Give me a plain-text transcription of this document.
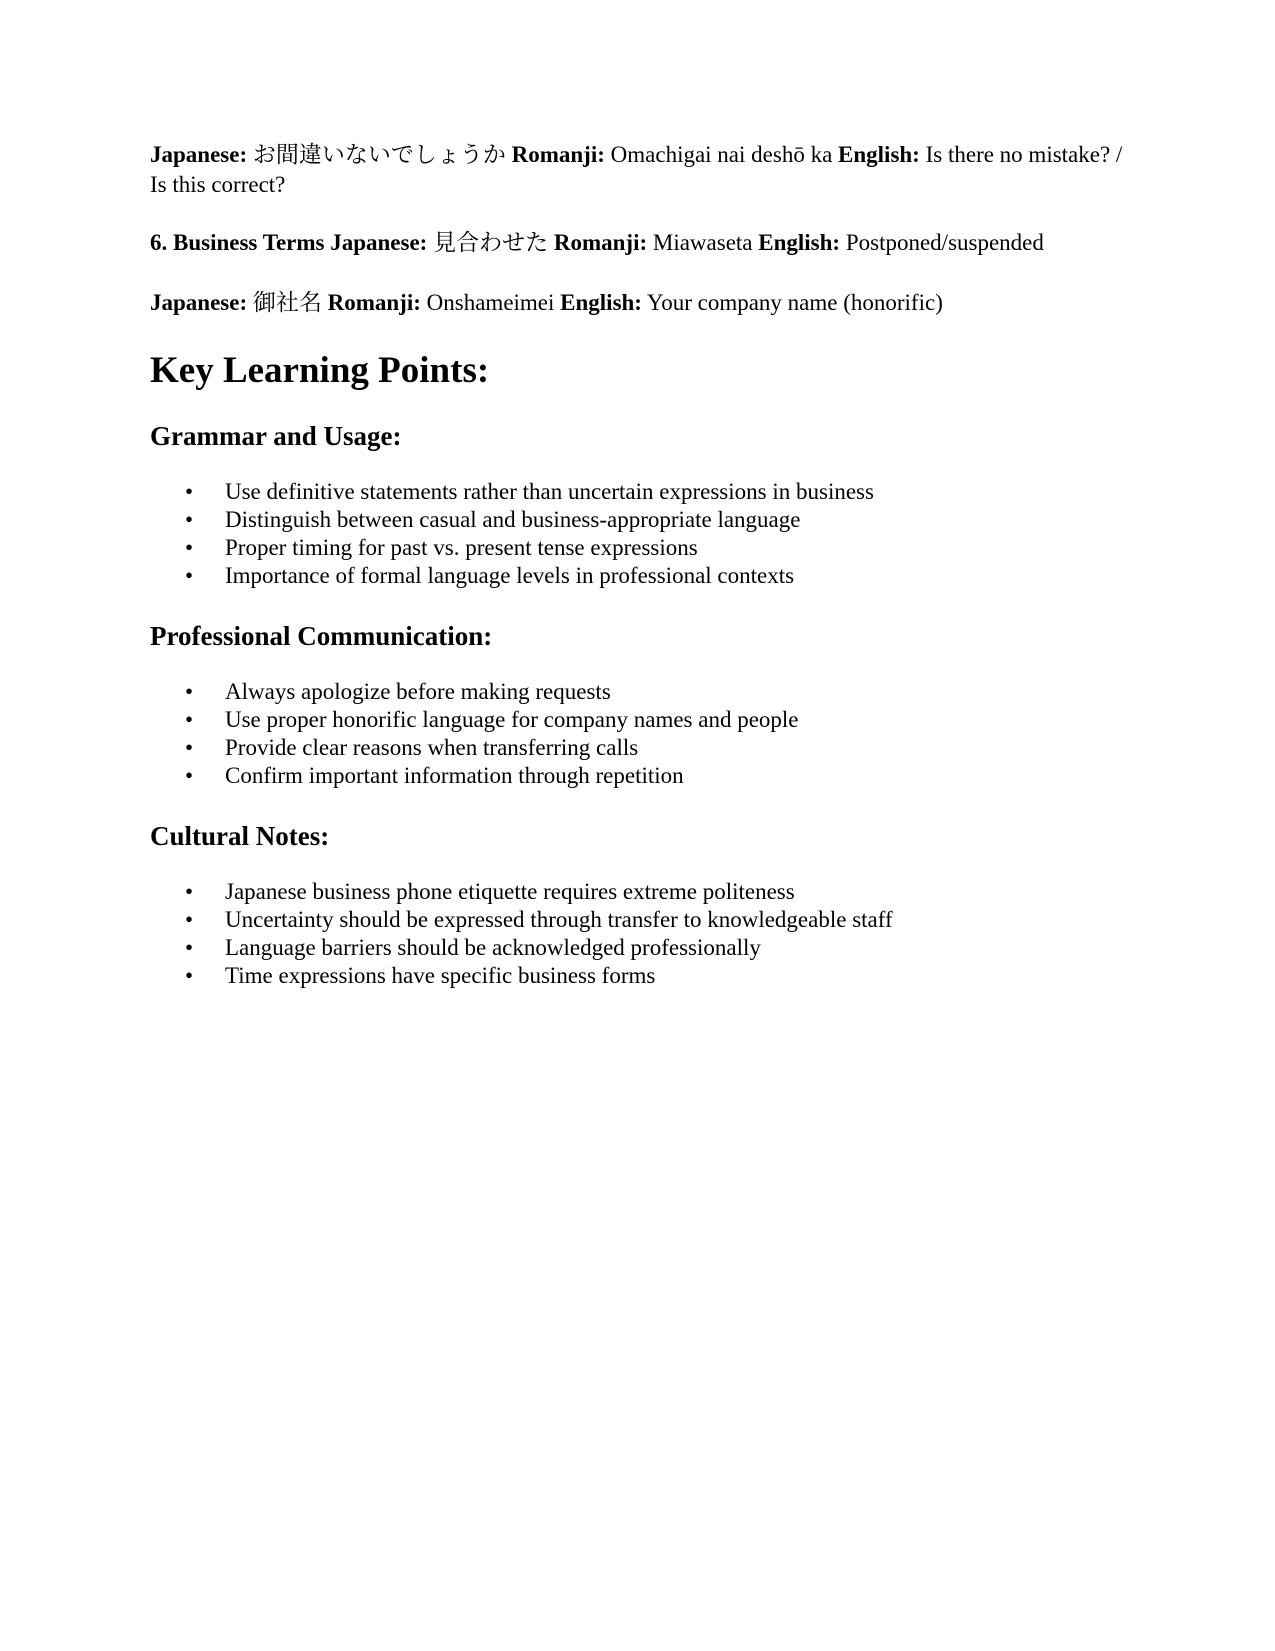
Japanese: お間違いないでしょうか Romanji: Omachigai nai deshō ka English: Is there no mistake? / Is this correct?

6. Business Terms Japanese: 見合わせた Romanji: Miawaseta English: Postponed/suspended

Japanese: 御社名 Romanji: Onshameimei English: Your company name (honorific)

Key Learning Points:
Grammar and Usage:
• Use definitive statements rather than uncertain expressions in business
• Distinguish between casual and business-appropriate language
• Proper timing for past vs. present tense expressions
• Importance of formal language levels in professional contexts
Professional Communication:
• Always apologize before making requests
• Use proper honorific language for company names and people
• Provide clear reasons when transferring calls
• Confirm important information through repetition
Cultural Notes:
• Japanese business phone etiquette requires extreme politeness
• Uncertainty should be expressed through transfer to knowledgeable staff
• Language barriers should be acknowledged professionally
• Time expressions have specific business forms
